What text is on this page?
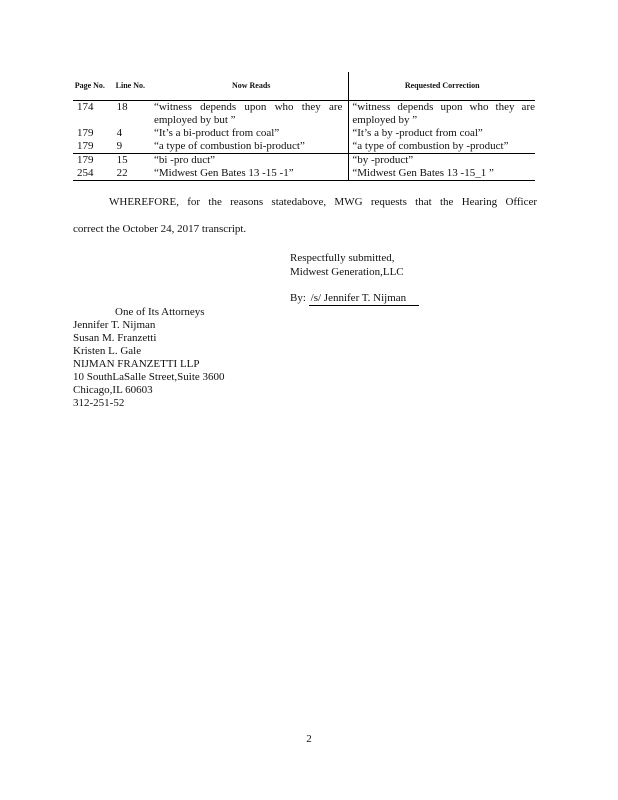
Page No.	Line No.	Now Reads	Requested Correction
174	18	“witness depends upon who they are employed by but ”	“witness depends upon who they are employed by ”
179	4	“It’s a bi-product from coal”	“It’s a by -product from coal”
179	9	“a type of combustion bi-product”	“a type of combustion by -product”
179	15	“bi -pro duct”	“by -product”
254	22	“Midwest Gen Bates 13 -15 -1”	“Midwest Gen Bates 13 -15_1 ”
WHEREFORE, for the reasons statedabove, MWG requests that the Hearing Officer
correct the October 24, 2017 transcript.
Respectfully submitted,
Midwest Generation,LLC
By: /s/ Jennifer T. Nijman
One of Its Attorneys
Jennifer T. Nijman
Susan M. Franzetti
Kristen L. Gale
NIJMAN FRANZETTI LLP
10 SouthLaSalle Street,Suite 3600
Chicago,IL 60603
312-251-52
2
